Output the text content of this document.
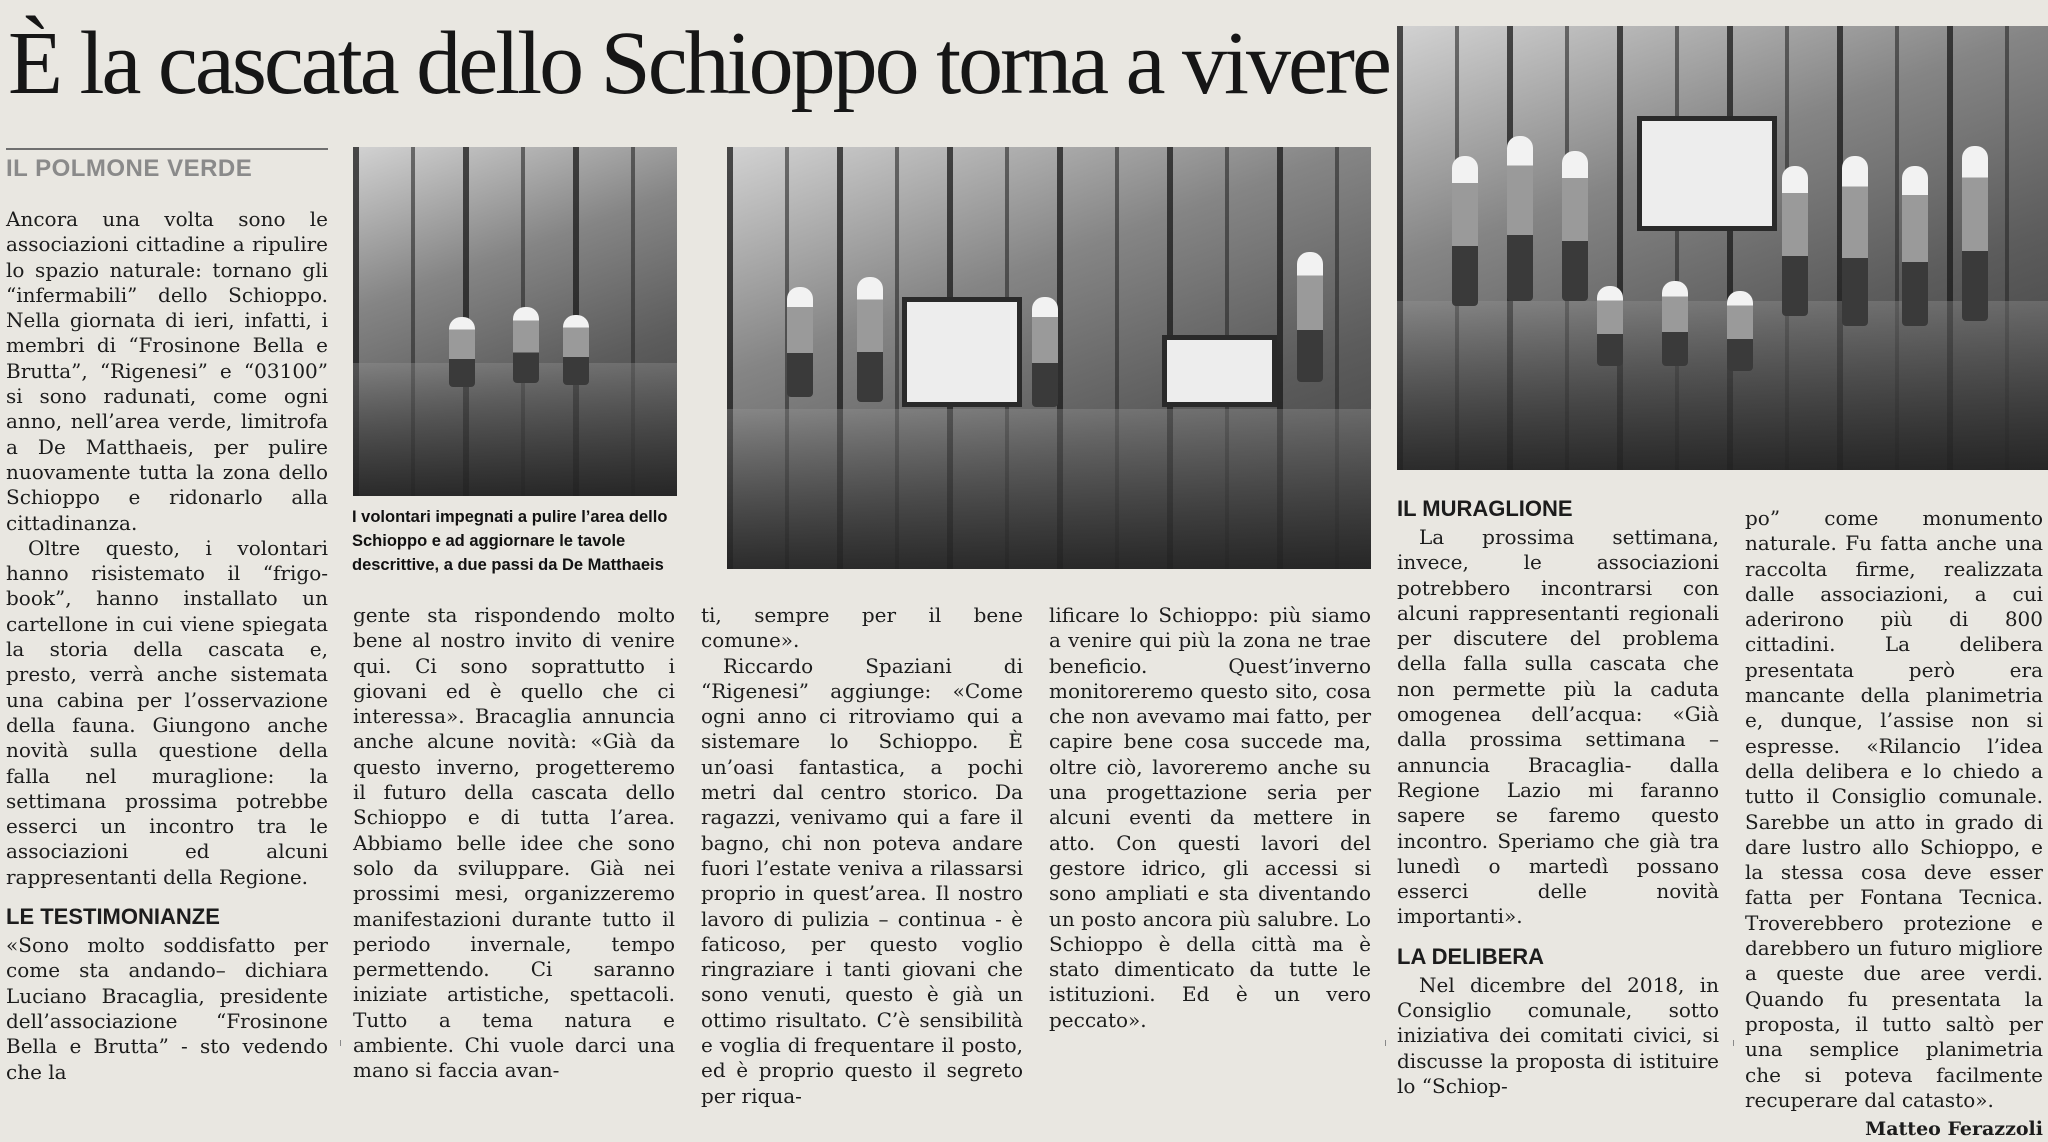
È la cascata dello Schioppo torna a vivere
IL POLMONE VERDE
I volontari impegnati a pulire l’area dello Schioppo e ad aggiornare le tavole descrittive, a due passi da De Matthaeis

Ancora una volta sono le associazioni cittadine a ripulire lo spazio naturale: tornano gli “infermabili” dello Schioppo. Nella giornata di ieri, infatti, i membri di “Frosinone Bella e Brutta”, “Rigenesi” e “03100” si sono radunati, come ogni anno, nell’area verde, limitrofa a De Matthaeis, per pulire nuovamente tutta la zona dello Schioppo e ridonarlo alla cittadinanza.

Oltre questo, i volontari hanno risistemato il “frigo-book”, hanno installato un cartellone in cui viene spiegata la storia della cascata e, presto, verrà anche sistemata una cabina per l’osservazione della fauna. Giungono anche novità sulla questione della falla nel muraglione: la settimana prossima potrebbe esserci un incontro tra le associazioni ed alcuni rappresentanti della Regione.

LE TESTIMONIANZE

«Sono molto soddisfatto per come sta andando– dichiara Luciano Bracaglia, presidente dell’associazione “Frosinone Bella e Brutta” - sto vedendo che la

gente sta rispondendo molto bene al nostro invito di venire qui. Ci sono soprattutto i giovani ed è quello che ci interessa». Bracaglia annuncia anche alcune novità: «Già da questo inverno, progetteremo il futuro della cascata dello Schioppo e di tutta l’area. Abbiamo belle idee che sono solo da sviluppare. Già nei prossimi mesi, organizzeremo manifestazioni durante tutto il periodo invernale, tempo permettendo. Ci saranno iniziate artistiche, spettacoli. Tutto a tema natura e ambiente. Chi vuole darci una mano si faccia avan-

ti, sempre per il bene comune».

Riccardo Spaziani di “Rigenesi” aggiunge: «Come ogni anno ci ritroviamo qui a sistemare lo Schioppo. È un’oasi fantastica, a pochi metri dal centro storico. Da ragazzi, venivamo qui a fare il bagno, chi non poteva andare fuori l’estate veniva a rilassarsi proprio in quest’area. Il nostro lavoro di pulizia – continua - è faticoso, per questo voglio ringraziare i tanti giovani che sono venuti, questo è già un ottimo risultato. C’è sensibilità e voglia di frequentare il posto, ed è proprio questo il segreto per riqua-

lificare lo Schioppo: più siamo a venire qui più la zona ne trae beneficio. Quest’inverno monitoreremo questo sito, cosa che non avevamo mai fatto, per capire bene cosa succede ma, oltre ciò, lavoreremo anche su una progettazione seria per alcuni eventi da mettere in atto. Con questi lavori del gestore idrico, gli accessi si sono ampliati e sta diventando un posto ancora più salubre. Lo Schioppo è della città ma è stato dimenticato da tutte le istituzioni. Ed è un vero peccato».

IL MURAGLIONE

La prossima settimana, invece, le associazioni potrebbero incontrarsi con alcuni rappresentanti regionali per discutere del problema della falla sulla cascata che non permette più la caduta omogenea dell’acqua: «Già dalla prossima settimana – annuncia Bracaglia- dalla Regione Lazio mi faranno sapere se faremo questo incontro. Speriamo che già tra lunedì o martedì possano esserci delle novità importanti».

LA DELIBERA

Nel dicembre del 2018, in Consiglio comunale, sotto iniziativa dei comitati civici, si discusse la proposta di istituire lo “Schiop-

po” come monumento naturale. Fu fatta anche una raccolta firme, realizzata dalle associazioni, a cui aderirono più di 800 cittadini. La delibera presentata però era mancante della planimetria e, dunque, l’assise non si espresse. «Rilancio l’idea della delibera e lo chiedo a tutto il Consiglio comunale. Sarebbe un atto in grado di dare lustro allo Schioppo, e la stessa cosa deve esser fatta per Fontana Tecnica. Troverebbero protezione e darebbero un futuro migliore a queste due aree verdi. Quando fu presentata la proposta, il tutto saltò per una semplice planimetria che si poteva facilmente recuperare dal catasto».

Matteo Ferazzoli
